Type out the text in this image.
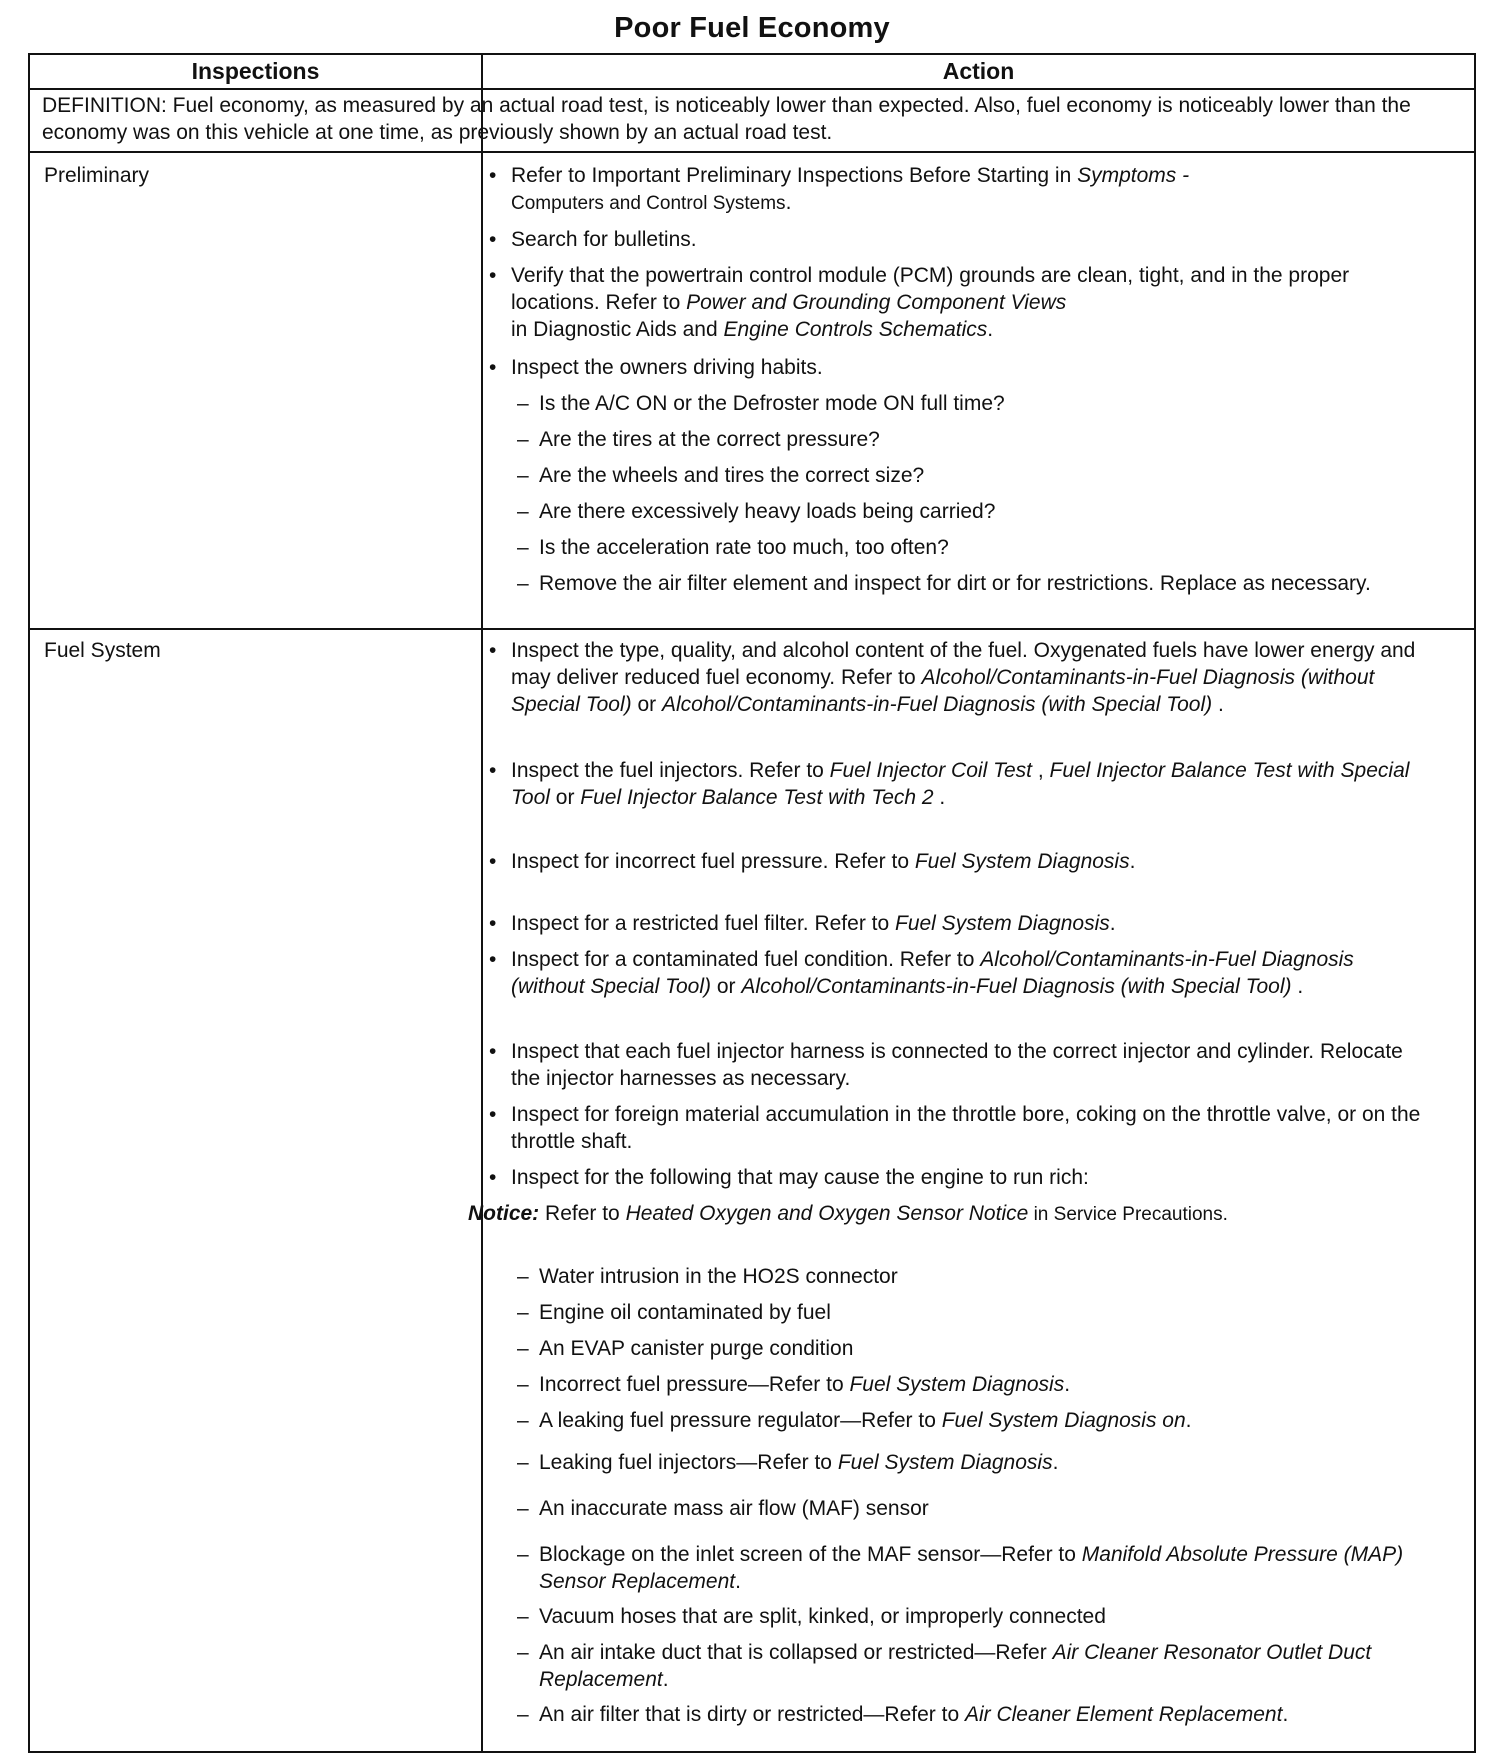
Poor Fuel Economy
Inspections	Action
DEFINITION: Fuel economy, as measured by an actual road test, is noticeably lower than expected. Also, fuel economy is noticeably lower than the economy was on this vehicle at one time, as previously shown by an actual road test.
Preliminary
Fuel System
• Refer to Important Preliminary Inspections Before Starting in Symptoms -
Computers and Control Systems.
• Search for bulletins.
• Verify that the powertrain control module (PCM) grounds are clean, tight, and in the proper locations. Refer to Power and Grounding Component Views
in Diagnostic Aids and Engine Controls Schematics.
• Inspect the owners driving habits.
– Is the A/C ON or the Defroster mode ON full time?
– Are the tires at the correct pressure?
– Are the wheels and tires the correct size?
– Are there excessively heavy loads being carried?
– Is the acceleration rate too much, too often?
– Remove the air filter element and inspect for dirt or for restrictions. Replace as necessary.
• Inspect the type, quality, and alcohol content of the fuel. Oxygenated fuels have lower energy and may deliver reduced fuel economy. Refer to Alcohol/Contaminants-in-Fuel Diagnosis (without Special Tool) or Alcohol/Contaminants-in-Fuel Diagnosis (with Special Tool) .
• Inspect the fuel injectors. Refer to Fuel Injector Coil Test , Fuel Injector Balance Test with Special Tool or Fuel Injector Balance Test with Tech 2 .
• Inspect for incorrect fuel pressure. Refer to Fuel System Diagnosis.
• Inspect for a restricted fuel filter. Refer to Fuel System Diagnosis.
• Inspect for a contaminated fuel condition. Refer to Alcohol/Contaminants-in-Fuel Diagnosis (without Special Tool) or Alcohol/Contaminants-in-Fuel Diagnosis (with Special Tool) .
• Inspect that each fuel injector harness is connected to the correct injector and cylinder. Relocate the injector harnesses as necessary.
• Inspect for foreign material accumulation in the throttle bore, coking on the throttle valve, or on the throttle shaft.
• Inspect for the following that may cause the engine to run rich:
Notice: Refer to Heated Oxygen and Oxygen Sensor Notice in Service Precautions.
– Water intrusion in the HO2S connector
– Engine oil contaminated by fuel
– An EVAP canister purge condition
– Incorrect fuel pressure—Refer to Fuel System Diagnosis.
– A leaking fuel pressure regulator—Refer to Fuel System Diagnosis on.
– Leaking fuel injectors—Refer to Fuel System Diagnosis.
– An inaccurate mass air flow (MAF) sensor
– Blockage on the inlet screen of the MAF sensor—Refer to Manifold Absolute Pressure (MAP) Sensor Replacement.
– Vacuum hoses that are split, kinked, or improperly connected
– An air intake duct that is collapsed or restricted—Refer Air Cleaner Resonator Outlet Duct Replacement.
– An air filter that is dirty or restricted—Refer to Air Cleaner Element Replacement.
